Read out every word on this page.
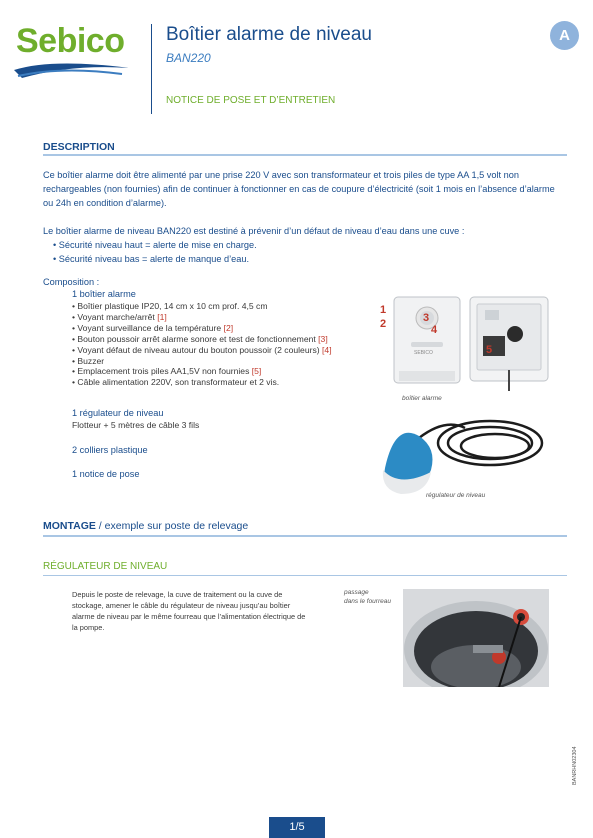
Sebico Boîtier alarme de niveau
BAN220
NOTICE DE POSE ET D’ENTRETIEN
A
DESCRIPTION

Ce boîtier alarme doit être alimenté par une prise 220 V avec son transformateur et trois piles de type AA 1,5 volt non rechargeables (non fournies) afin de continuer à fonctionner en cas de coupure d’électricité (soit 1 mois en l’absence d’alarme ou 24h en condition d’alarme).

Le boîtier alarme de niveau BAN220 est destiné à prévenir d’un défaut de niveau d’eau dans une cuve :

• Sécurité niveau haut = alerte de mise en charge.
• Sécurité niveau bas = alerte de manque d’eau.
Composition :
1 boîtier alarme
• Boîtier plastique IP20, 14 cm x 10 cm prof. 4,5 cm
• Voyant marche/arrêt [1]
• Voyant surveillance de la température [2]
• Bouton poussoir arrêt alarme sonore et test de fonctionnement [3]
• Voyant défaut de niveau autour du bouton poussoir (2 couleurs) [4]
• Buzzer
• Emplacement trois piles AA1,5V non fournies [5]
• Câble alimentation 220V, son transformateur et 2 vis.
1 régulateur de niveau
Flotteur + 5 mètres de câble 3 fils
2 colliers plastique
1 notice de pose
1
2	3
4
SEBICO
boîtier alarme
5
régulateur de niveau
MONTAGE / exemple sur poste de relevage
RÉGULATEUR DE NIVEAU
Depuis le poste de relevage, la cuve de traitement ou la cuve de stockage, amener le câble du régulateur de niveau jusqu’au boîtier alarme de niveau par le même fourreau que l’alimentation électrique de la pompe.
passage
dans le fourreau
BANRHN02304
1/5
